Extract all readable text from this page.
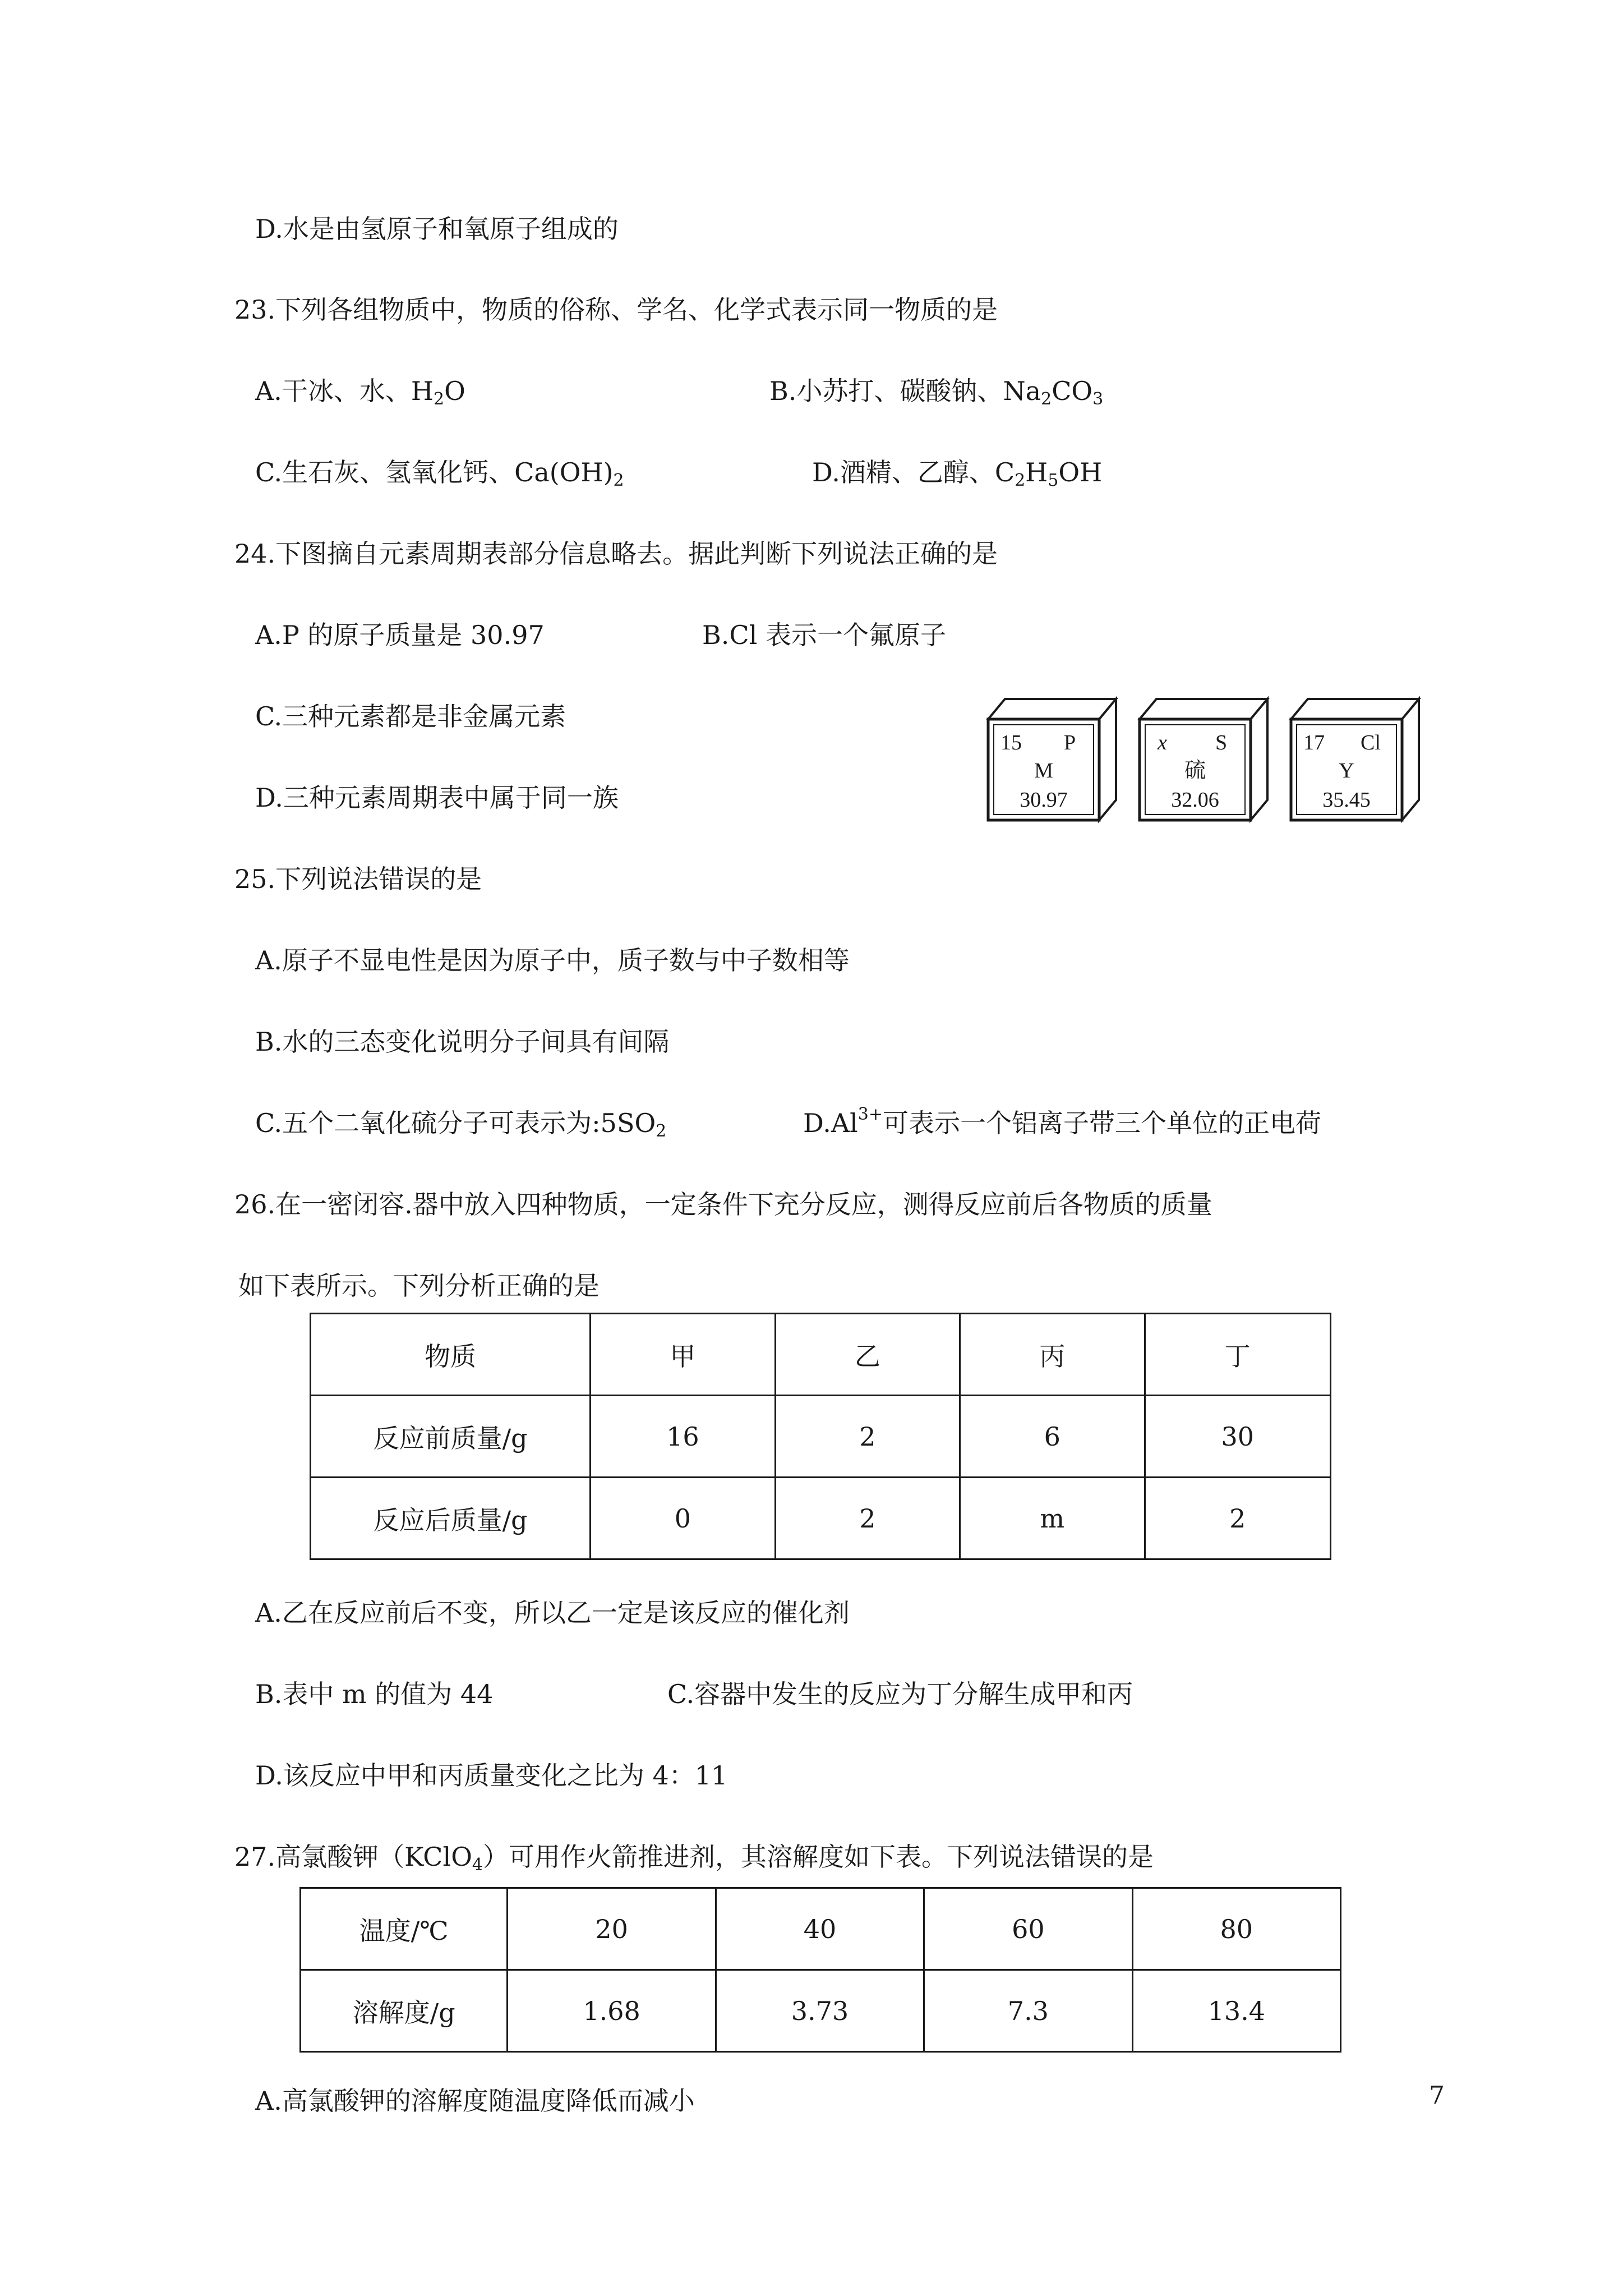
D.水是由氢原子和氧原子组成的
23.下列各组物质中，物质的俗称、学名、化学式表示同一物质的是
A.干冰、水、$H_2O$	B.小苏打、碳酸钠、$Na_2CO_3$
C.生石灰、氢氧化钙、$Ca(OH)_2$	D.酒精、乙醇、$C_2H_5OH$
24.下图摘自元素周期表部分信息略去。据此判断下列说法正确的是
A.P 的原子质量是 30.97	B.Cl 表示一个氟原子
C.三种元素都是非金属元素
D.三种元素周期表中属于同一族
15 P
M
30.97
x S
硫
32.06
17 Cl
Y
35.45
25.下列说法错误的是
A.原子不显电性是因为原子中，质子数与中子数相等
B.水的三态变化说明分子间具有间隔
C.五个二氧化硫分子可表示为$:5SO_2$	$D.Al^{3+}$可表示一个铝离子带三个单位的正电荷
26.在一密闭容.器中放入四种物质，一定条件下充分反应，测得反应前后各物质的质量
如下表所示。下列分析正确的是
物质	甲	乙	丙	丁
反应前质量/g	16	2	6	30
反应后质量/g	0	2	m	2
A.乙在反应前后不变，所以乙一定是该反应的催化剂
B.表中 m 的值为 44	C.容器中发生的反应为丁分解生成甲和丙
D.该反应中甲和丙质量变化之比为 4：11
27.高氯酸钾（KClO$_4$）可用作火箭推进剂，其溶解度如下表。下列说法错误的是
温度/℃	20	40	60	80
溶解度/g	1.68	3.73	7.3	13.4
A.高氯酸钾的溶解度随温度降低而减小	7
